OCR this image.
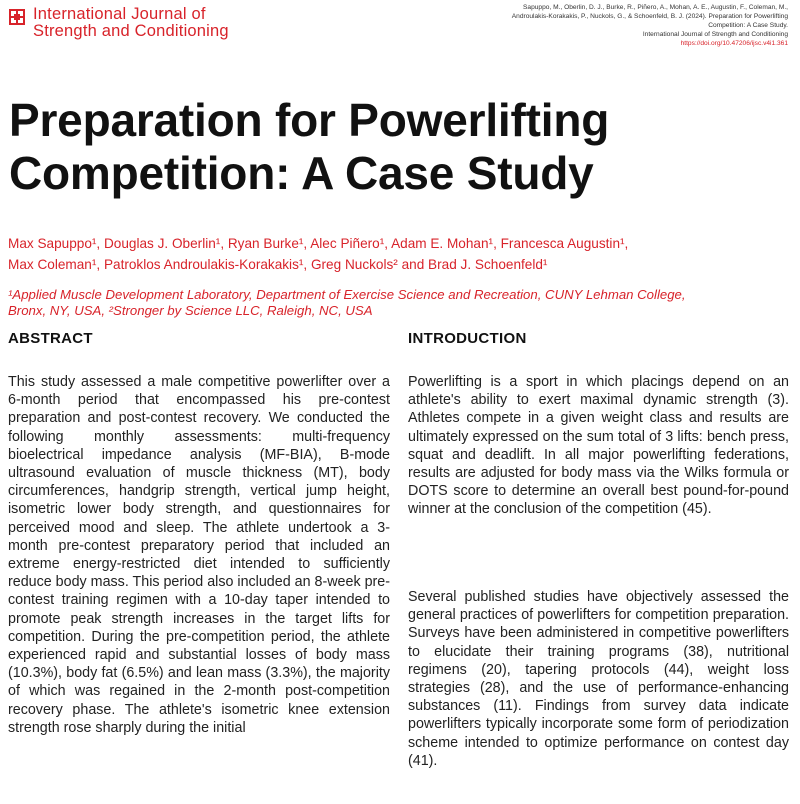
International Journal of
Strength and Conditioning
Sapuppo, M., Oberlin, D. J., Burke, R., Piñero, A., Mohan, A. E., Augustin, F., Coleman, M.,
Androulakis-Korakakis, P., Nuckols, G., & Schoenfeld, B. J. (2024). Preparation for Powerlifting
Competition: A Case Study.
International Journal of Strength and Conditioning
https://doi.org/10.47206/ijsc.v4i1.361
Preparation for Powerlifting
Competition: A Case Study
Max Sapuppo¹, Douglas J. Oberlin¹, Ryan Burke¹, Alec Piñero¹, Adam E. Mohan¹, Francesca Augustin¹,
Max Coleman¹, Patroklos Androulakis-Korakakis¹, Greg Nuckols² and Brad J. Schoenfeld¹
¹Applied Muscle Development Laboratory, Department of Exercise Science and Recreation, CUNY Lehman College,
Bronx, NY, USA, ²Stronger by Science LLC, Raleigh, NC, USA
ABSTRACT

This study assessed a male competitive powerlifter over a 6-month period that encompassed his pre-contest preparation and post-contest recovery. We conducted the following monthly assessments: multi-frequency bioelectrical impedance analysis (MF-BIA), B-mode ultrasound evaluation of muscle thickness (MT), body circumferences, handgrip strength, vertical jump height, isometric lower body strength, and questionnaires for perceived mood and sleep. The athlete undertook a 3-month pre-contest preparatory period that included an extreme energy-restricted diet intended to sufficiently reduce body mass. This period also included an 8-week pre-contest training regimen with a 10-day taper intended to promote peak strength increases in the target lifts for competition. During the pre-competition period, the athlete experienced rapid and substantial losses of body mass (10.3%), body fat (6.5%) and lean mass (3.3%), the majority of which was regained in the 2-month post-competition recovery phase. The athlete's isometric knee extension strength rose sharply during the initial

INTRODUCTION

Powerlifting is a sport in which placings depend on an athlete's ability to exert maximal dynamic strength (3). Athletes compete in a given weight class and results are ultimately expressed on the sum total of 3 lifts: bench press, squat and deadlift. In all major powerlifting federations, results are adjusted for body mass via the Wilks formula or DOTS score to determine an overall best pound-for-pound winner at the conclusion of the competition (45).

Several published studies have objectively assessed the general practices of powerlifters for competition preparation. Surveys have been administered in competitive powerlifters to elucidate their training programs (38), nutritional regimens (20), tapering protocols (44), weight loss strategies (28), and the use of performance-enhancing substances (11). Findings from survey data indicate powerlifters typically incorporate some form of periodization scheme intended to optimize performance on contest day (41).
